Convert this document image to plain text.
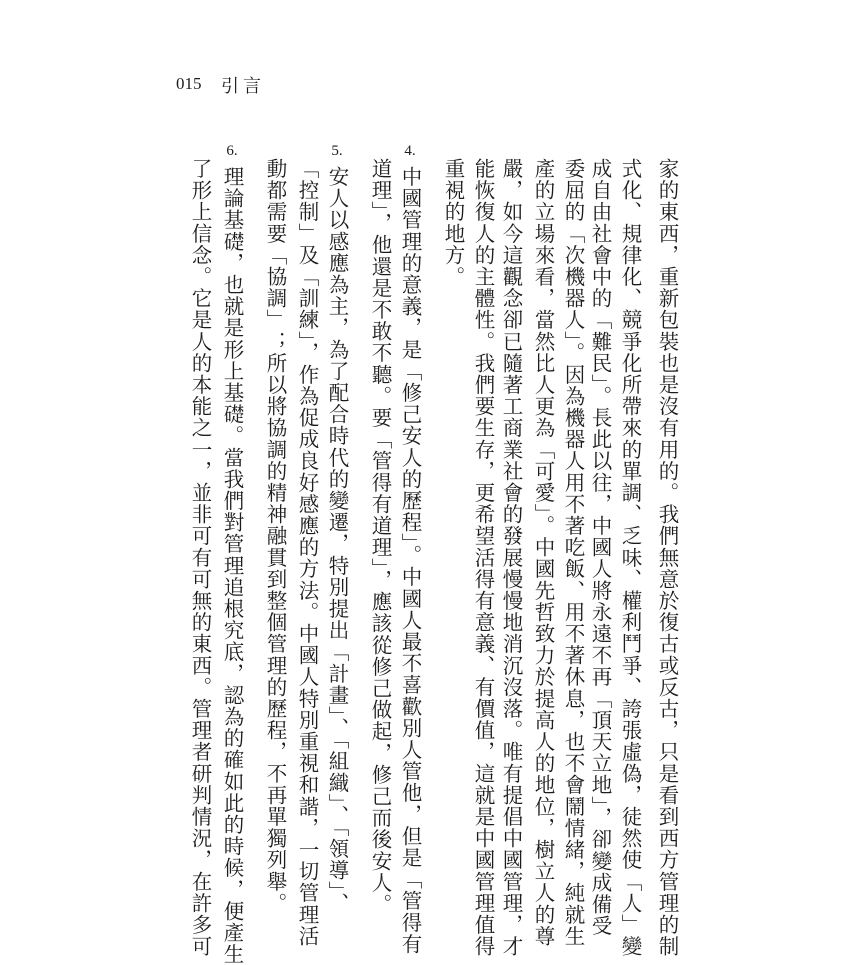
015 引言
家的東西，重新包裝也是沒有用的。我們無意於復古或反古，只是看到西方管理的制
式化、規律化、競爭化所帶來的單調、乏味、權利鬥爭、誇張虛偽，徒然使「人」變
成自由社會中的「難民」。長此以往，中國人將永遠不再「頂天立地」，卻變成備受
委屈的「次機器人」。因為機器人用不著吃飯、用不著休息，也不會鬧情緒，純就生
產的立場來看，當然比人更為「可愛」。中國先哲致力於提高人的地位，樹立人的尊
嚴，如今這觀念卻已隨著工商業社會的發展慢慢地消沉沒落。唯有提倡中國管理，才
能恢復人的主體性。我們要生存，更希望活得有意義、有價值，這就是中國管理值得
重視的地方。
4.
中國管理的意義，是「修己安人的歷程」。中國人最不喜歡別人管他，但是「管得有
道理」，他還是不敢不聽。要「管得有道理」，應該從修己做起，修己而後安人。
5.
安人以感應為主，為了配合時代的變遷，特別提出「計畫」、「組織」、「領導」、
「控制」及「訓練」，作為促成良好感應的方法。中國人特別重視和諧，一切管理活
動都需要「協調」；所以將協調的精神融貫到整個管理的歷程，不再單獨列舉。
6.
理論基礎，也就是形上基礎。當我們對管理追根究底，認為的確如此的時候，便產生
了形上信念。它是人的本能之一，並非可有可無的東西。管理者研判情況，在許多可
